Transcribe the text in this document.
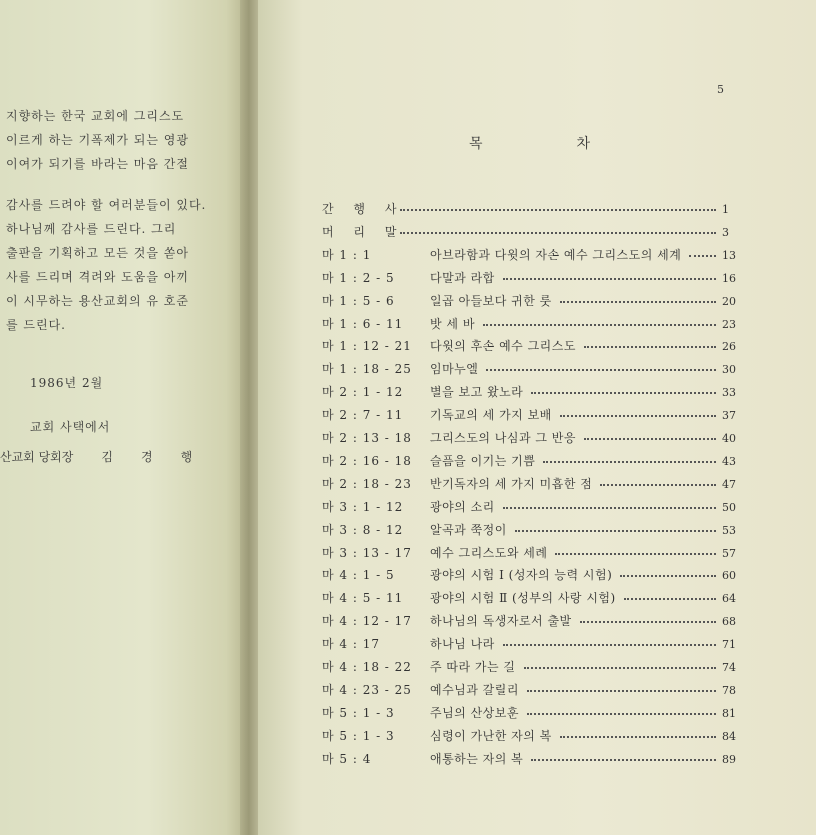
지향하는 한국 교회에 그리스도
이르게 하는 기폭제가 되는 영광
이여가 되기를 바라는 마음 간절
감사를 드려야 할 여러분들이 있다.
하나님께 감사를 드린다. 그리
출판을 기획하고 모든 것을 쏟아
사를 드리며 격려와 도움을 아끼
이 시무하는 용산교회의 유 호준
를 드린다.
1986년 2월
교회 사택에서
산교회 당회장 김 경 행
5
목	차
간 행 사	1
머 리 말	3
마 1 : 1	아브라함과 다윗의 자손 예수 그리스도의 세계	13
마 1 : 2 - 5	다말과 라합	16
마 1 : 5 - 6	일곱 아들보다 귀한 룻	20
마 1 : 6 - 11 밧 세 바	23
마 1 : 12 - 21 다윗의 후손 예수 그리스도	26
마 1 : 18 - 25 임마누엘	30
마 2 : 1 - 12 별을 보고 왔노라	33
마 2 : 7 - 11 기독교의 세 가지 보배	37
마 2 : 13 - 18 그리스도의 나심과 그 반응	40
마 2 : 16 - 18 슬픔을 이기는 기쁨	43
마 2 : 18 - 23 반기독자의 세 가지 미흡한 점	47
마 3 : 1 - 12 광야의 소리	50
마 3 : 8 - 12 알곡과 쭉정이	53
마 3 : 13 - 17 예수 그리스도와 세례	57
마 4 : 1 - 5	광야의 시험 Ⅰ (성자의 능력 시험)	60
마 4 : 5 - 11 광야의 시험 Ⅱ (성부의 사랑 시험)	64
마 4 : 12 - 17 하나님의 독생자로서 출발	68
마 4 : 17	하나님 나라	71
마 4 : 18 - 22 주 따라 가는 길	74
마 4 : 23 - 25 예수님과 갈릴리	78
마 5 : 1 - 3	주님의 산상보훈	81
마 5 : 1 - 3	심령이 가난한 자의 복	84
마 5 : 4	애통하는 자의 복	89
